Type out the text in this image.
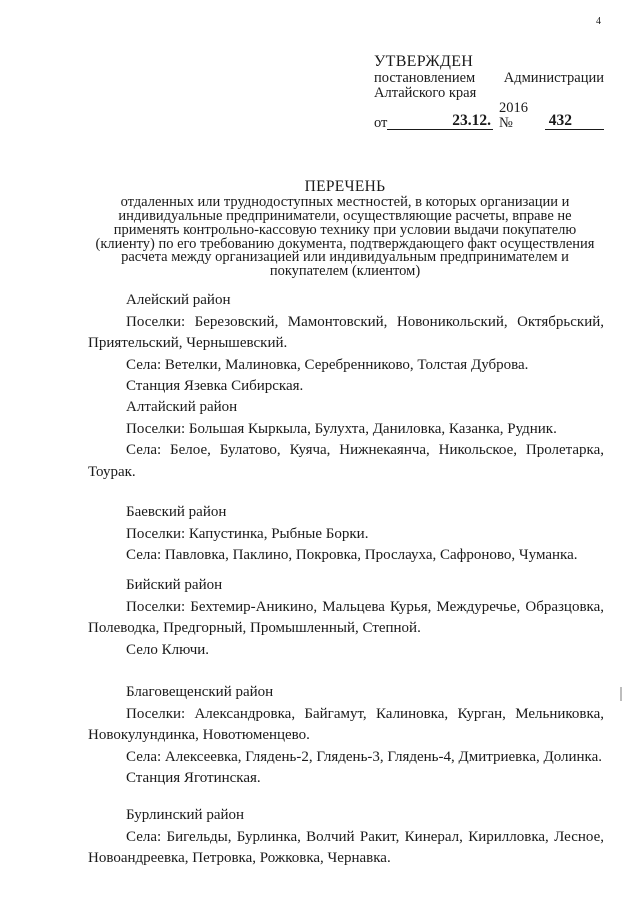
4
УТВЕРЖДЕН
постановлением Администрации
Алтайского края
от	23.12.
2016 №	432
ПЕРЕЧЕНЬ
отдаленных или труднодоступных местностей, в которых организации и индивидуальные предприниматели, осуществляющие расчеты, вправе не применять контрольно-кассовую технику при условии выдачи покупателю (клиенту) по его требованию документа, подтверждающего факт осуществления расчета между организацией или индивидуальным предпринимателем и покупателем (клиентом)

Алейский район

Поселки: Березовский, Мамонтовский, Новоникольский, Октябрьский, Приятельский, Чернышевский.

Села: Ветелки, Малиновка, Серебренниково, Толстая Дуброва.

Станция Язевка Сибирская.

Алтайский район

Поселки: Большая Кыркыла, Булухта, Даниловка, Казанка, Рудник.

Села: Белое, Булатово, Куяча, Нижнекаянча, Никольское, Пролетарка, Тоурак.

Баевский район

Поселки: Капустинка, Рыбные Борки.

Села: Павловка, Паклино, Покровка, Прослауха, Сафроново, Чуманка.

Бийский район

Поселки: Бехтемир-Аникино, Мальцева Курья, Междуречье, Образцовка, Полеводка, Предгорный, Промышленный, Степной.

Село Ключи.

Благовещенский район

Поселки: Александровка, Байгамут, Калиновка, Курган, Мельниковка, Новокулундинка, Новотюменцево.

Села: Алексеевка, Глядень-2, Глядень-3, Глядень-4, Дмитриевка, Долинка.

Станция Яготинская.

Бурлинский район

Села: Бигельды, Бурлинка, Волчий Ракит, Кинерал, Кирилловка, Лесное, Новоандреевка, Петровка, Рожковка, Чернавка.
